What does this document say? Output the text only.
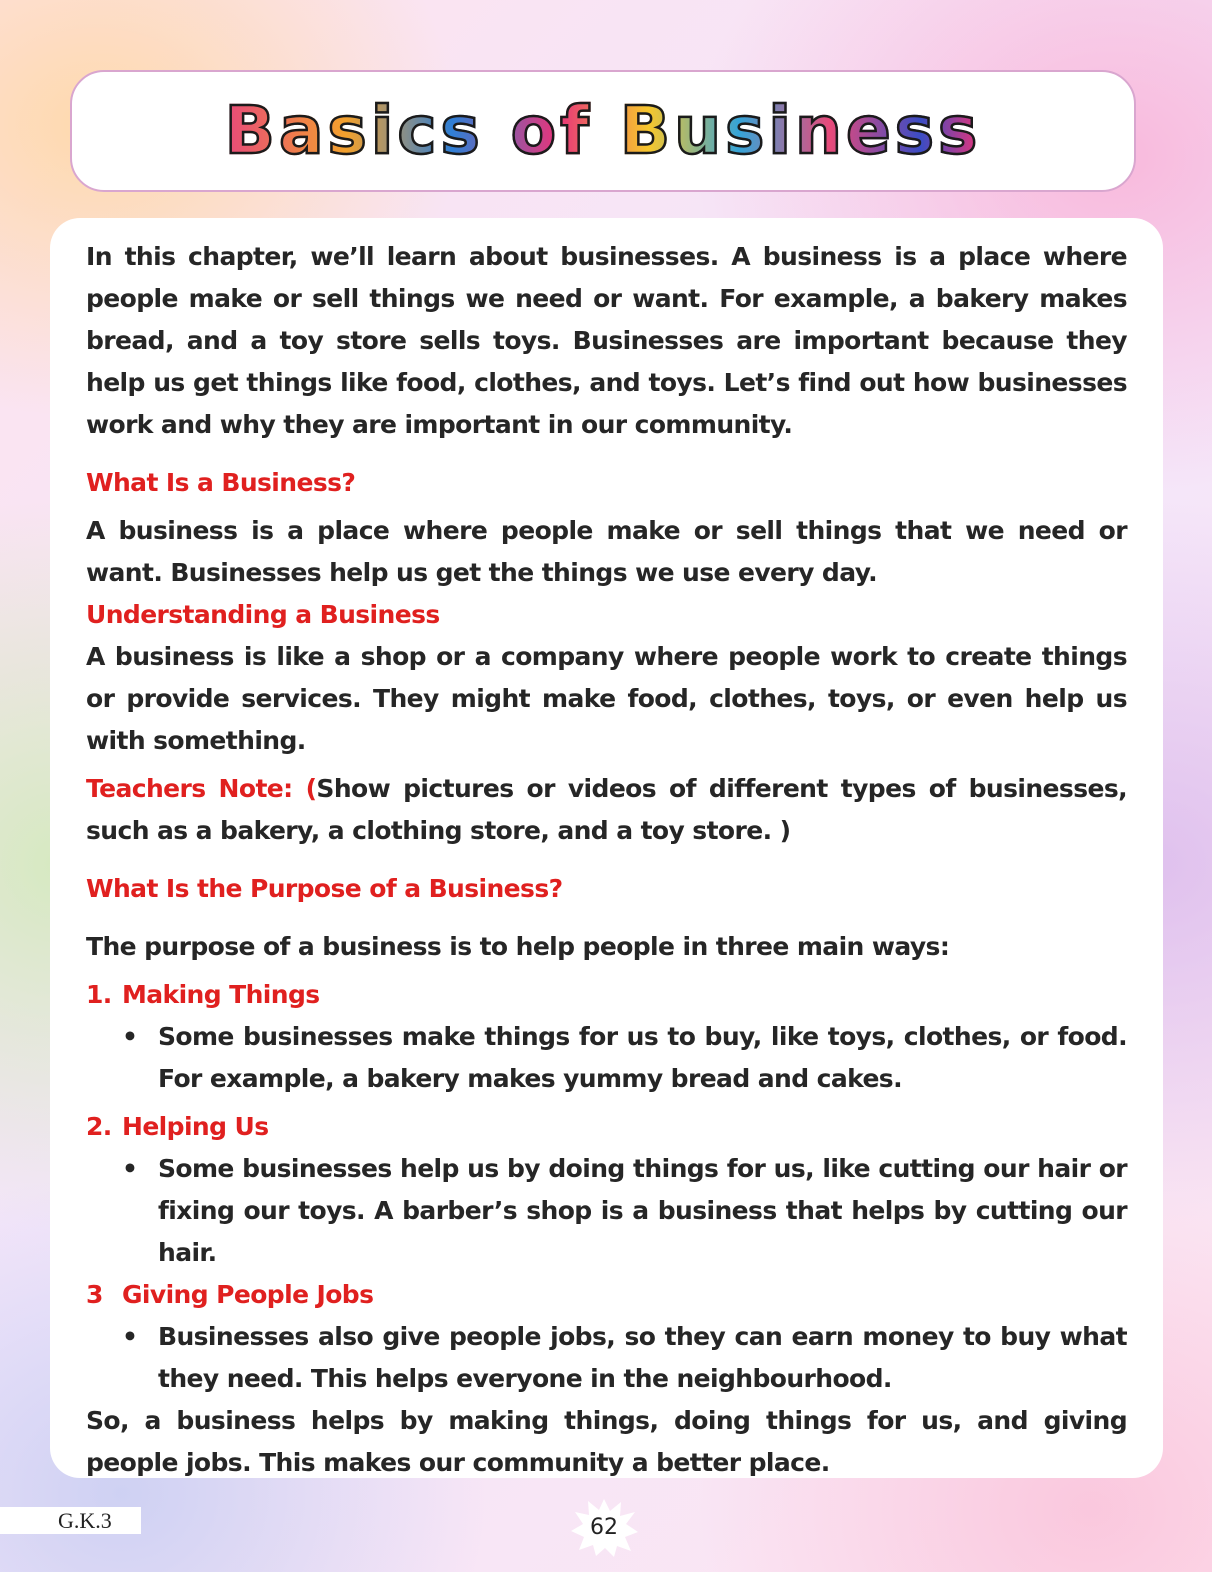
Basics of Business

In this chapter, we’ll learn about businesses. A business is a place where people make or sell things we need or want. For example, a bakery makes bread, and a toy store sells toys. Businesses are important because they help us get things like food, clothes, and toys. Let’s find out how businesses work and why they are important in our community.

What Is a Business?

A business is a place where people make or sell things that we need or want. Businesses help us get the things we use every day.

Understanding a Business

A business is like a shop or a company where people work to create things or provide services. They might make food, clothes, toys, or even help us with something.

Teachers Note: (Show pictures or videos of different types of businesses, such as a bakery, a clothing store, and a toy store. )

What Is the Purpose of a Business?

The purpose of a business is to help people in three main ways:

1. Making Things
• Some businesses make things for us to buy, like toys, clothes, or food. For example, a bakery makes yummy bread and cakes.
2. Helping Us
• Some businesses help us by doing things for us, like cutting our hair or fixing our toys. A barber’s shop is a business that helps by cutting our hair.
3 Giving People Jobs
• Businesses also give people jobs, so they can earn money to buy what they need. This helps everyone in the neighbourhood.

So, a business helps by making things, doing things for us, and giving people jobs. This makes our community a better place.

G.K.3	62
